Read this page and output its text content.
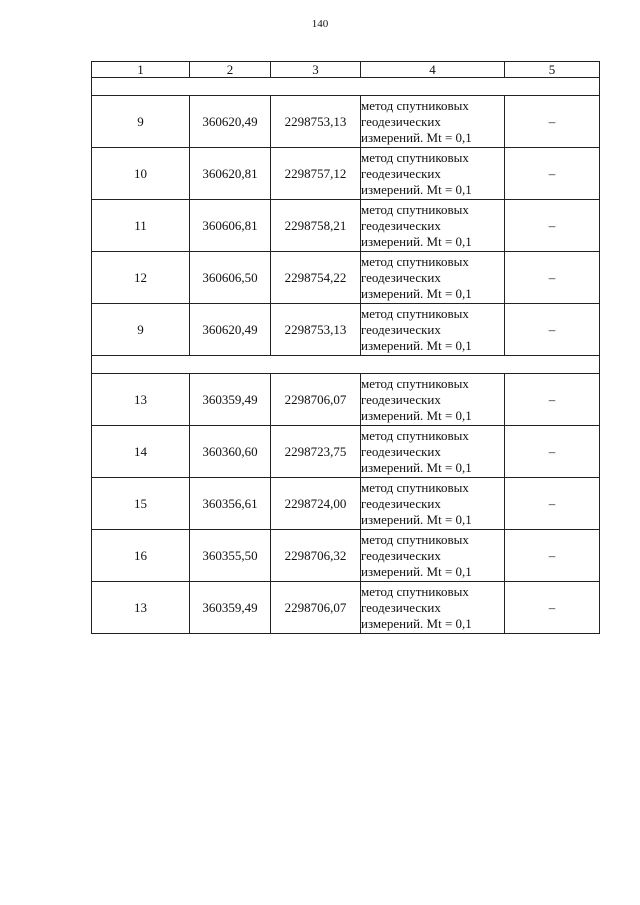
140
1	2	3	4	5

9	360620,49	2298753,13	метод спутниковых
геодезических
измерений. Mt = 0,1	–
10	360620,81	2298757,12	метод спутниковых
геодезических
измерений. Mt = 0,1	–
11	360606,81	2298758,21	метод спутниковых
геодезических
измерений. Mt = 0,1	–
12	360606,50	2298754,22	метод спутниковых
геодезических
измерений. Mt = 0,1	–
9	360620,49	2298753,13	метод спутниковых
геодезических
измерений. Mt = 0,1	–

13	360359,49	2298706,07	метод спутниковых
геодезических
измерений. Mt = 0,1	–
14	360360,60	2298723,75	метод спутниковых
геодезических
измерений. Mt = 0,1	–
15	360356,61	2298724,00	метод спутниковых
геодезических
измерений. Mt = 0,1	–
16	360355,50	2298706,32	метод спутниковых
геодезических
измерений. Mt = 0,1	–
13	360359,49	2298706,07	метод спутниковых
геодезических
измерений. Mt = 0,1	–
